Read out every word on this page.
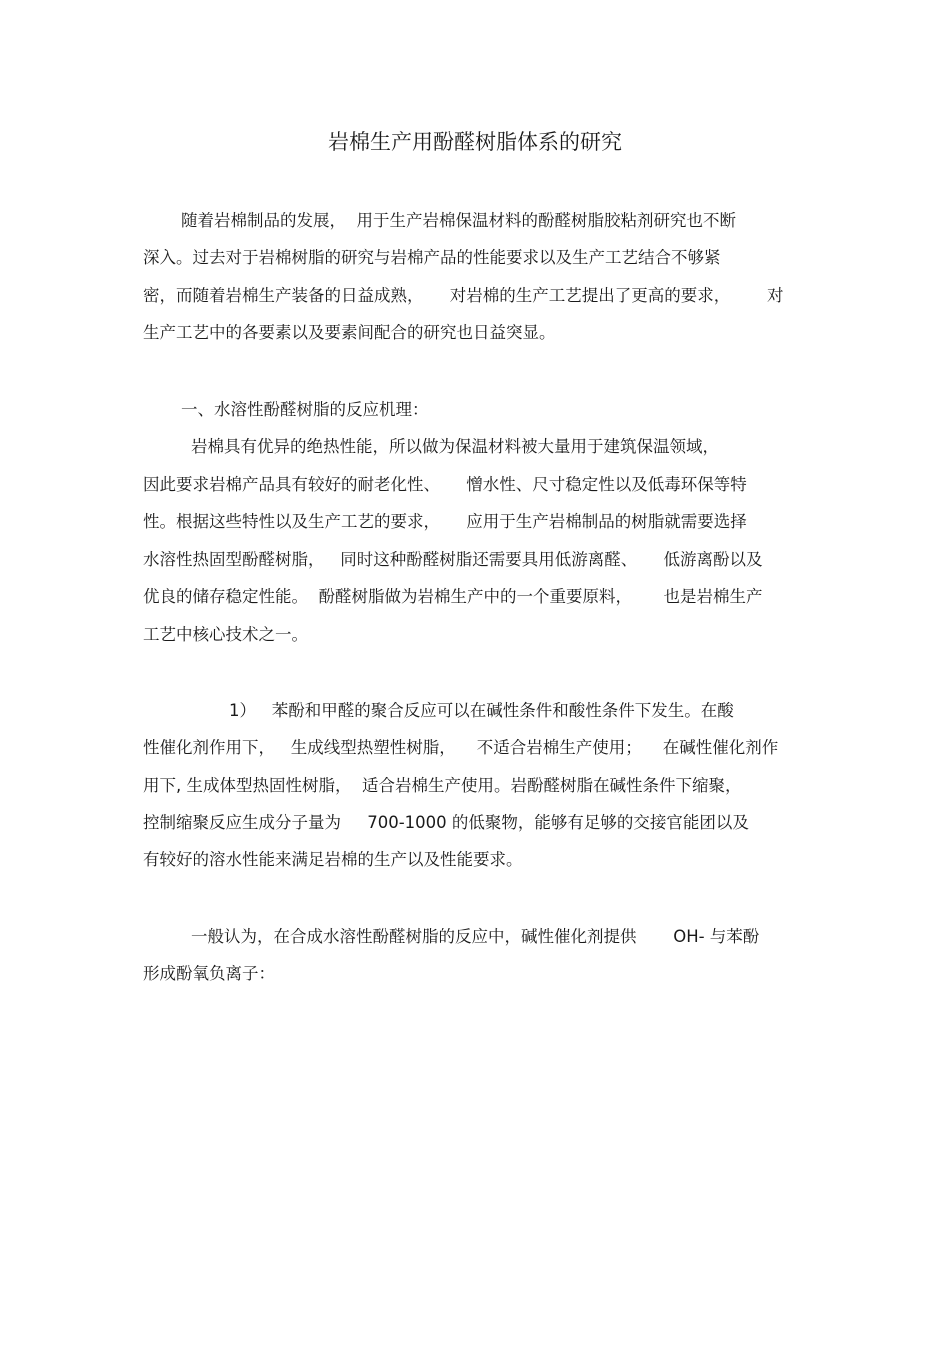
岩棉生产用酚醛树脂体系的研究
随着岩棉制品的发展，  用于生产岩棉保温材料的酚醛树脂胶粘剂研究也不断
深入。过去对于岩棉树脂的研究与岩棉产品的性能要求以及生产工艺结合不够紧
密，而随着岩棉生产装备的日益成熟，     对岩棉的生产工艺提出了更高的要求，       对
生产工艺中的各要素以及要素间配合的研究也日益突显。
一、水溶性酚醛树脂的反应机理：
岩棉具有优异的绝热性能，所以做为保温材料被大量用于建筑保温领域，
因此要求岩棉产品具有较好的耐老化性、     憎水性、尺寸稳定性以及低毒环保等特
性。根据这些特性以及生产工艺的要求，     应用于生产岩棉制品的树脂就需要选择
水溶性热固型酚醛树脂，   同时这种酚醛树脂还需要具用低游离醛、     低游离酚以及
优良的储存稳定性能。  酚醛树脂做为岩棉生产中的一个重要原料，      也是岩棉生产
工艺中核心技术之一。
1）   苯酚和甲醛的聚合反应可以在碱性条件和酸性条件下发生。在酸
性催化剂作用下，   生成线型热塑性树脂，    不适合岩棉生产使用；    在碱性催化剂作
用下, 生成体型热固性树脂，  适合岩棉生产使用。岩酚醛树脂在碱性条件下缩聚，
控制缩聚反应生成分子量为     700-1000 的低聚物，能够有足够的交接官能团以及
有较好的溶水性能来满足岩棉的生产以及性能要求。
一般认为，在合成水溶性酚醛树脂的反应中，碱性催化剂提供       OH- 与苯酚
形成酚氧负离子：
